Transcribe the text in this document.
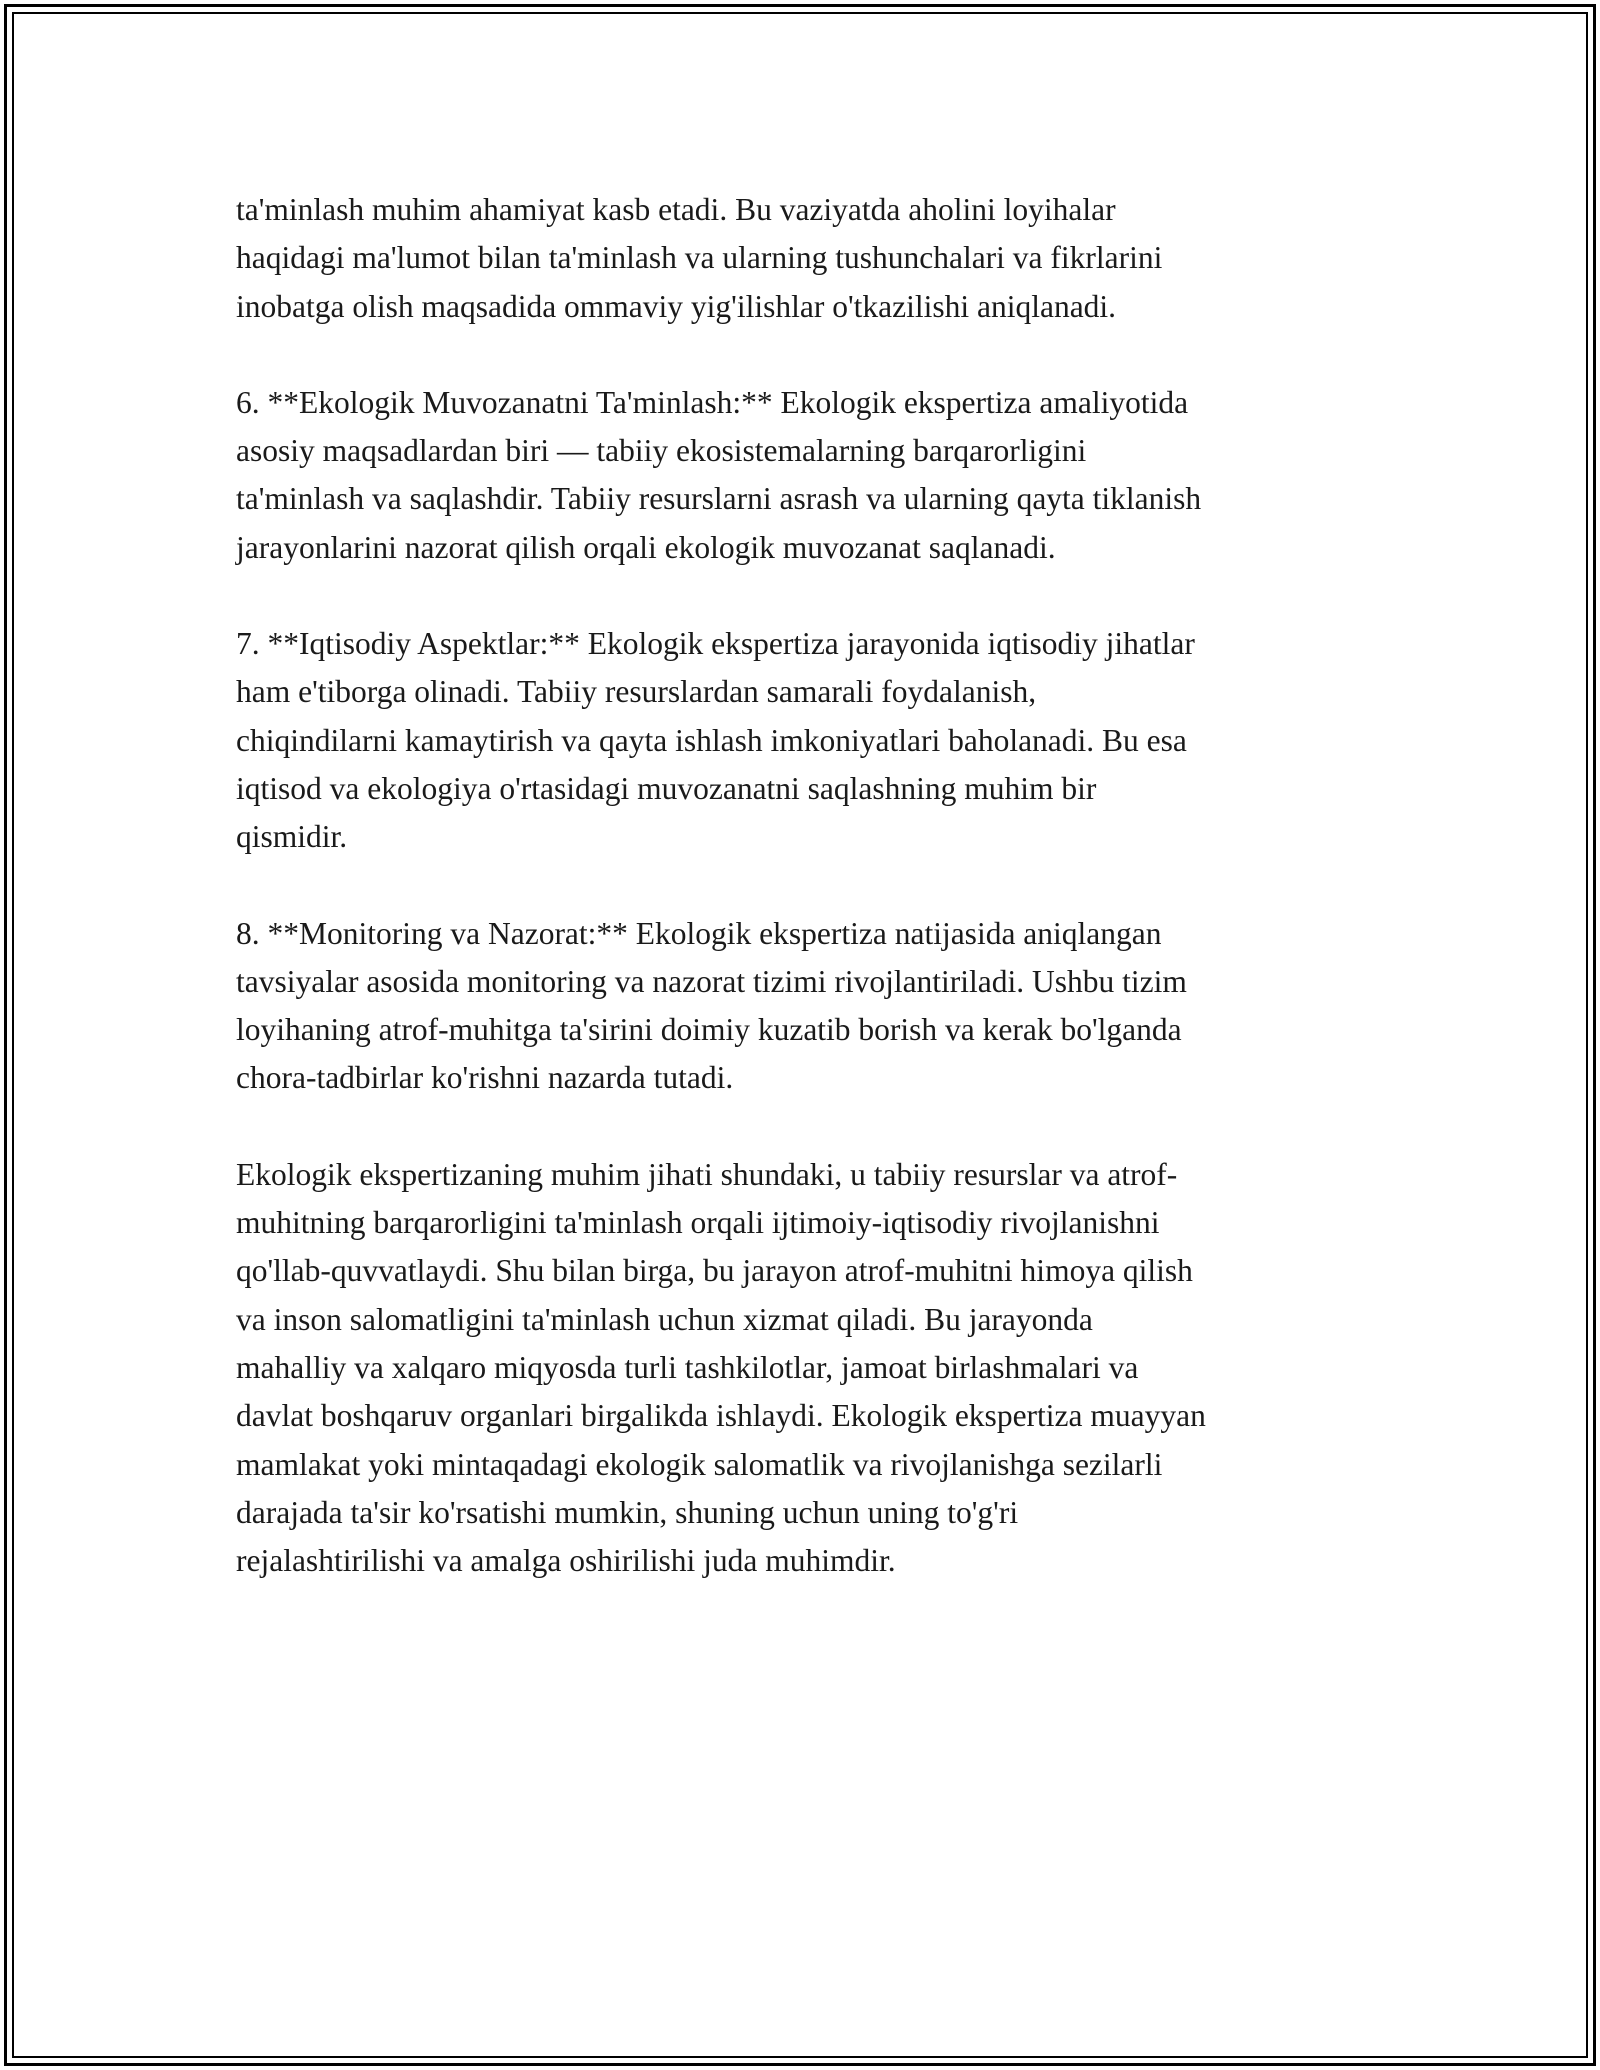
ta'minlash muhim ahamiyat kasb etadi. Bu vaziyatda aholini loyihalar
haqidagi ma'lumot bilan ta'minlash va ularning tushunchalari va fikrlarini
inobatga olish maqsadida ommaviy yig'ilishlar o'tkazilishi aniqlanadi.

6. **Ekologik Muvozanatni Ta'minlash:** Ekologik ekspertiza amaliyotida
asosiy maqsadlardan biri — tabiiy ekosistemalarning barqarorligini
ta'minlash va saqlashdir. Tabiiy resurslarni asrash va ularning qayta tiklanish
jarayonlarini nazorat qilish orqali ekologik muvozanat saqlanadi.

7. **Iqtisodiy Aspektlar:** Ekologik ekspertiza jarayonida iqtisodiy jihatlar
ham e'tiborga olinadi. Tabiiy resurslardan samarali foydalanish,
chiqindilarni kamaytirish va qayta ishlash imkoniyatlari baholanadi. Bu esa
iqtisod va ekologiya o'rtasidagi muvozanatni saqlashning muhim bir
qismidir.

8. **Monitoring va Nazorat:** Ekologik ekspertiza natijasida aniqlangan
tavsiyalar asosida monitoring va nazorat tizimi rivojlantiriladi. Ushbu tizim
loyihaning atrof-muhitga ta'sirini doimiy kuzatib borish va kerak bo'lganda
chora-tadbirlar ko'rishni nazarda tutadi.

Ekologik ekspertizaning muhim jihati shundaki, u tabiiy resurslar va atrof-
muhitning barqarorligini ta'minlash orqali ijtimoiy-iqtisodiy rivojlanishni
qo'llab-quvvatlaydi. Shu bilan birga, bu jarayon atrof-muhitni himoya qilish
va inson salomatligini ta'minlash uchun xizmat qiladi. Bu jarayonda
mahalliy va xalqaro miqyosda turli tashkilotlar, jamoat birlashmalari va
davlat boshqaruv organlari birgalikda ishlaydi. Ekologik ekspertiza muayyan
mamlakat yoki mintaqadagi ekologik salomatlik va rivojlanishga sezilarli
darajada ta'sir ko'rsatishi mumkin, shuning uchun uning to'g'ri
rejalashtirilishi va amalga oshirilishi juda muhimdir.
